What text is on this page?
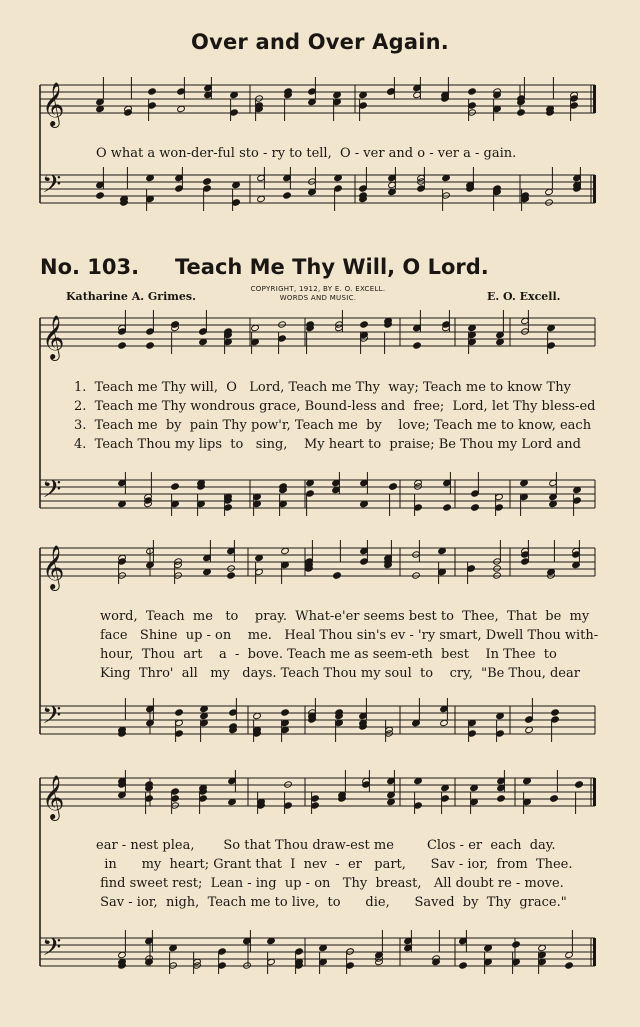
Over and Over Again.
𝄞
𝄢
𝄞
𝄢
𝄞
𝄢
𝄞
𝄢
O what a won-der-ful sto - ry to tell,  O - ver and o - ver a - gain.
No. 103. Teach Me Thy Will, O Lord.
Katharine A. Grimes.
COPYRIGHT, 1912, BY E. O. EXCELL.
WORDS AND MUSIC.	E. O. Excell.
1.  Teach me Thy will,  O   Lord, Teach me Thy  way; Teach me to know Thy
2.  Teach me Thy wondrous grace, Bound-less and  free;  Lord, let Thy bless-ed
3.  Teach me  by  pain Thy pow'r, Teach me  by    love; Teach me to know, each
4.  Teach Thou my lips  to   sing,    My heart to  praise; Be Thou my Lord and
word,  Teach  me   to    pray.  What-e'er seems best to  Thee,  That  be  my
face   Shine  up - on    me.   Heal Thou sin's ev - 'ry smart, Dwell Thou with-
hour,  Thou  art    a  -  bove. Teach me as seem-eth  best    In Thee  to
King  Thro'  all   my   days. Teach Thou my soul  to    cry,  "Be Thou, dear
ear - nest plea,       So that Thou draw-est me        Clos - er  each  day.
in      my  heart; Grant that  I  nev  -  er   part,      Sav - ior,  from  Thee.
find sweet rest;  Lean - ing  up - on   Thy  breast,   All doubt re - move.
Sav - ior,  nigh,  Teach me to live,  to      die,      Saved  by  Thy  grace."
